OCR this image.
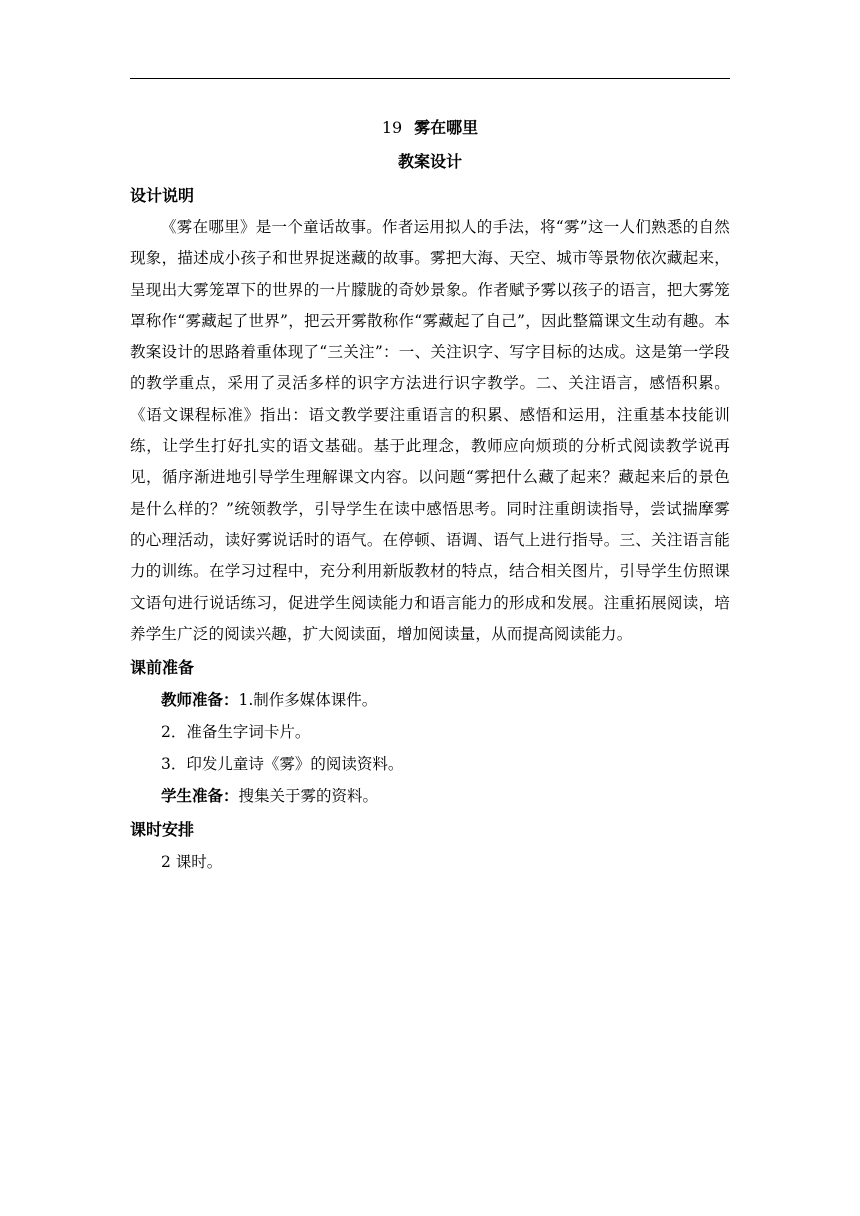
19 雾在哪里
教案设计
设计说明

《雾在哪里》是一个童话故事。作者运用拟人的手法，将“雾”这一人们熟悉的自然现象，描述成小孩子和世界捉迷藏的故事。雾把大海、天空、城市等景物依次藏起来，呈现出大雾笼罩下的世界的一片朦胧的奇妙景象。作者赋予雾以孩子的语言，把大雾笼罩称作“雾藏起了世界”，把云开雾散称作“雾藏起了自己”，因此整篇课文生动有趣。本教案设计的思路着重体现了“三关注”：一、关注识字、写字目标的达成。这是第一学段的教学重点，采用了灵活多样的识字方法进行识字教学。二、关注语言，感悟积累。《语文课程标准》指出：语文教学要注重语言的积累、感悟和运用，注重基本技能训练，让学生打好扎实的语文基础。基于此理念，教师应向烦琐的分析式阅读教学说再见，循序渐进地引导学生理解课文内容。以问题“雾把什么藏了起来？藏起来后的景色是什么样的？”统领教学，引导学生在读中感悟思考。同时注重朗读指导，尝试揣摩雾的心理活动，读好雾说话时的语气。在停顿、语调、语气上进行指导。三、关注语言能力的训练。在学习过程中，充分利用新版教材的特点，结合相关图片，引导学生仿照课文语句进行说话练习，促进学生阅读能力和语言能力的形成和发展。注重拓展阅读，培养学生广泛的阅读兴趣，扩大阅读面，增加阅读量，从而提高阅读能力。

课前准备

教师准备：1.制作多媒体课件。

2．准备生字词卡片。

3．印发儿童诗《雾》的阅读资料。

学生准备：搜集关于雾的资料。

课时安排

2 课时。
